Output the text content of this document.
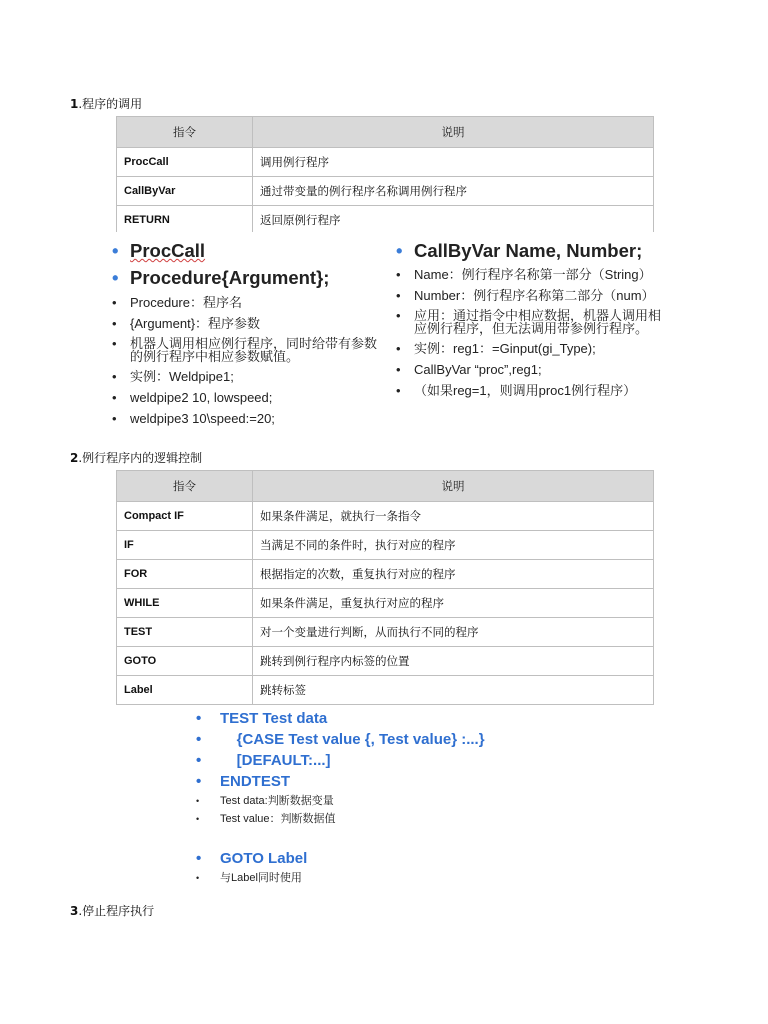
1.程序的调用
指令	说明
ProcCall	调用例行程序
CallByVar	通过带变量的例行程序名称调用例行程序
RETURN	返回原例行程序
• ProcCall
• Procedure{Argument};
• Procedure：程序名
• {Argument}：程序参数
• 机器人调用相应例行程序，同时给带有参数的例行程序中相应参数赋值。
• 实例：Weldpipe1;
• weldpipe2 10, lowspeed;
• weldpipe3 10\speed:=20;
• CallByVar Name, Number;
• Name：例行程序名称第一部分（String）
• Number：例行程序名称第二部分（num）
• 应用：通过指令中相应数据，机器人调用相应例行程序，但无法调用带参例行程序。
• 实例：reg1：=Ginput(gi_Type);
• CallByVar “proc”,reg1;
• （如果reg=1，则调用proc1例行程序）
2.例行程序内的逻辑控制
指令	说明
Compact IF	如果条件满足，就执行一条指令
IF	当满足不同的条件时，执行对应的程序
FOR	根据指定的次数，重复执行对应的程序
WHILE	如果条件满足，重复执行对应的程序
TEST	对一个变量进行判断，从而执行不同的程序
GOTO	跳转到例行程序内标签的位置
Label	跳转标签
• TEST Test data
•     {CASE Test value {, Test value} :...}
•     [DEFAULT:...]
• ENDTEST
• Test data:判断数据变量
• Test value：判断数据值
• GOTO Label
• 与Label同时使用
3.停止程序执行
